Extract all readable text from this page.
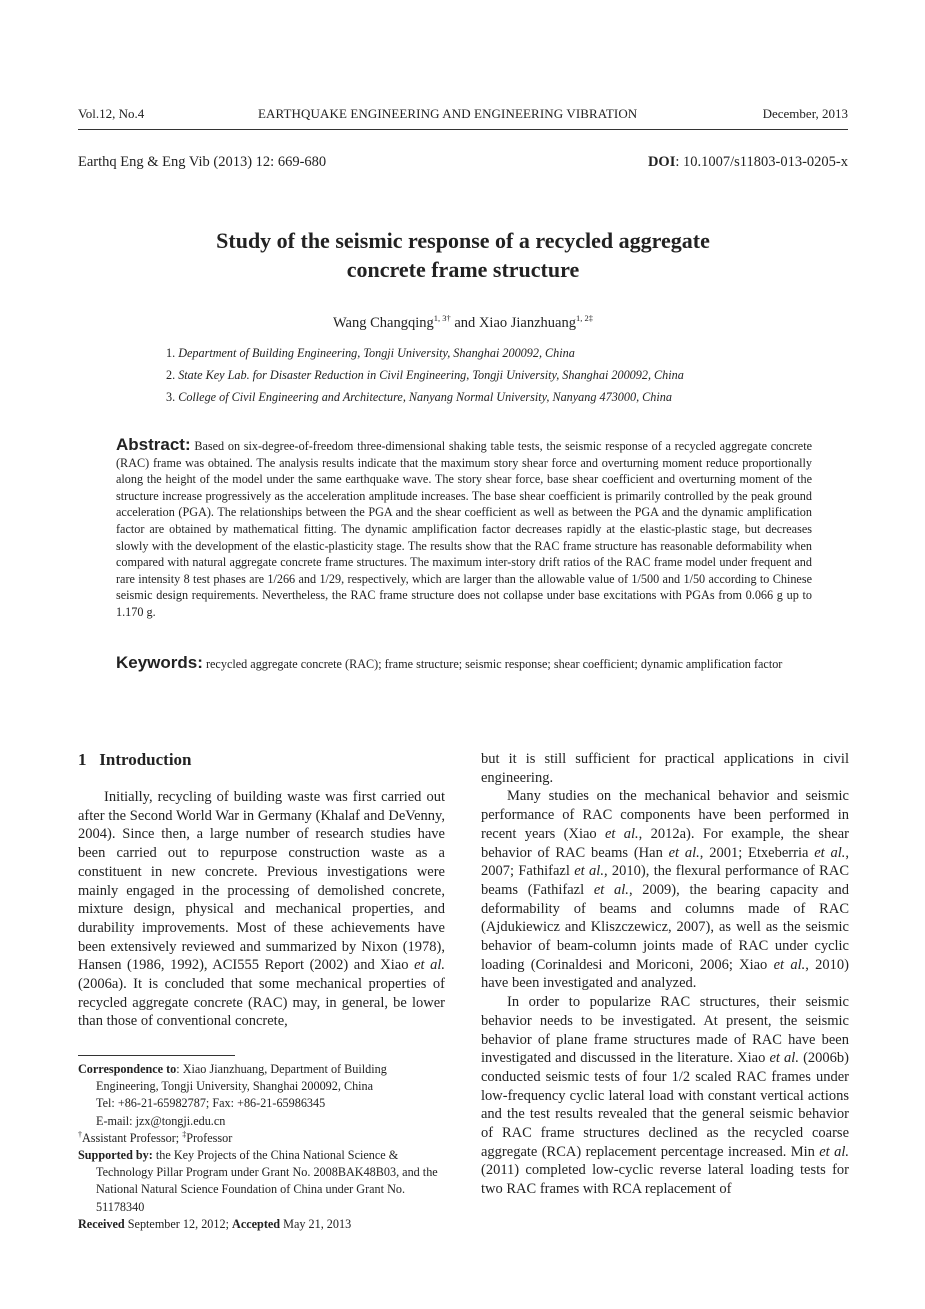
Vol.12, No.4	EARTHQUAKE ENGINEERING AND ENGINEERING VIBRATION	December, 2013
Earthq Eng & Eng Vib (2013) 12: 669-680	DOI: 10.1007/s11803-013-0205-x
Study of the seismic response of a recycled aggregate
concrete frame structure
Wang Changqing$^{1, 3\dagger}$ and Xiao Jianzhuang$^{1, 2\ddagger}$
1. Department of Building Engineering, Tongji University, Shanghai 200092, China
2. State Key Lab. for Disaster Reduction in Civil Engineering, Tongji University, Shanghai 200092, China
3. College of Civil Engineering and Architecture, Nanyang Normal University, Nanyang 473000, China
Abstract: Based on six-degree-of-freedom three-dimensional shaking table tests, the seismic response of a recycled aggregate concrete (RAC) frame was obtained. The analysis results indicate that the maximum story shear force and overturning moment reduce proportionally along the height of the model under the same earthquake wave. The story shear force, base shear coefficient and overturning moment of the structure increase progressively as the acceleration amplitude increases. The base shear coefficient is primarily controlled by the peak ground acceleration (PGA). The relationships between the PGA and the shear coefficient as well as between the PGA and the dynamic amplification factor are obtained by mathematical fitting. The dynamic amplification factor decreases rapidly at the elastic-plastic stage, but decreases slowly with the development of the elastic-plasticity stage. The results show that the RAC frame structure has reasonable deformability when compared with natural aggregate concrete frame structures. The maximum inter-story drift ratios of the RAC frame model under frequent and rare intensity 8 test phases are 1/266 and 1/29, respectively, which are larger than the allowable value of 1/500 and 1/50 according to Chinese seismic design requirements. Nevertheless, the RAC frame structure does not collapse under base excitations with PGAs from 0.066 g up to 1.170 g.
Keywords: recycled aggregate concrete (RAC); frame structure; seismic response; shear coefficient; dynamic amplification factor
1 Introduction

Initially, recycling of building waste was first carried out after the Second World War in Germany (Khalaf and DeVenny, 2004). Since then, a large number of research studies have been carried out to repurpose construction waste as a constituent in new concrete. Previous investigations were mainly engaged in the processing of demolished concrete, mixture design, physical and mechanical properties, and durability improvements. Most of these achievements have been extensively reviewed and summarized by Nixon (1978), Hansen (1986, 1992), ACI555 Report (2002) and Xiao et al. (2006a). It is concluded that some mechanical properties of recycled aggregate concrete (RAC) may, in general, be lower than those of conventional concrete,

Correspondence to: Xiao Jianzhuang, Department of Building Engineering, Tongji University, Shanghai 200092, China

Tel: +86-21-65982787; Fax: +86-21-65986345

E-mail: jzx@tongji.edu.cn

†Assistant Professor; ‡Professor

Supported by: the Key Projects of the China National Science & Technology Pillar Program under Grant No. 2008BAK48B03, and the National Natural Science Foundation of China under Grant No. 51178340

Received September 12, 2012; Accepted May 21, 2013

but it is still sufficient for practical applications in civil engineering.

Many studies on the mechanical behavior and seismic performance of RAC components have been performed in recent years (Xiao et al., 2012a). For example, the shear behavior of RAC beams (Han et al., 2001; Etxeberria et al., 2007; Fathifazl et al., 2010), the flexural performance of RAC beams (Fathifazl et al., 2009), the bearing capacity and deformability of beams and columns made of RAC (Ajdukiewicz and Kliszczewicz, 2007), as well as the seismic behavior of beam-column joints made of RAC under cyclic loading (Corinaldesi and Moriconi, 2006; Xiao et al., 2010) have been investigated and analyzed.

In order to popularize RAC structures, their seismic behavior needs to be investigated. At present, the seismic behavior of plane frame structures made of RAC have been investigated and discussed in the literature. Xiao et al. (2006b) conducted seismic tests of four 1/2 scaled RAC frames under low-frequency cyclic lateral load with constant vertical actions and the test results revealed that the general seismic behavior of RAC frame structures declined as the recycled coarse aggregate (RCA) replacement percentage increased. Min et al. (2011) completed low-cyclic reverse lateral loading tests for two RAC frames with RCA replacement of
